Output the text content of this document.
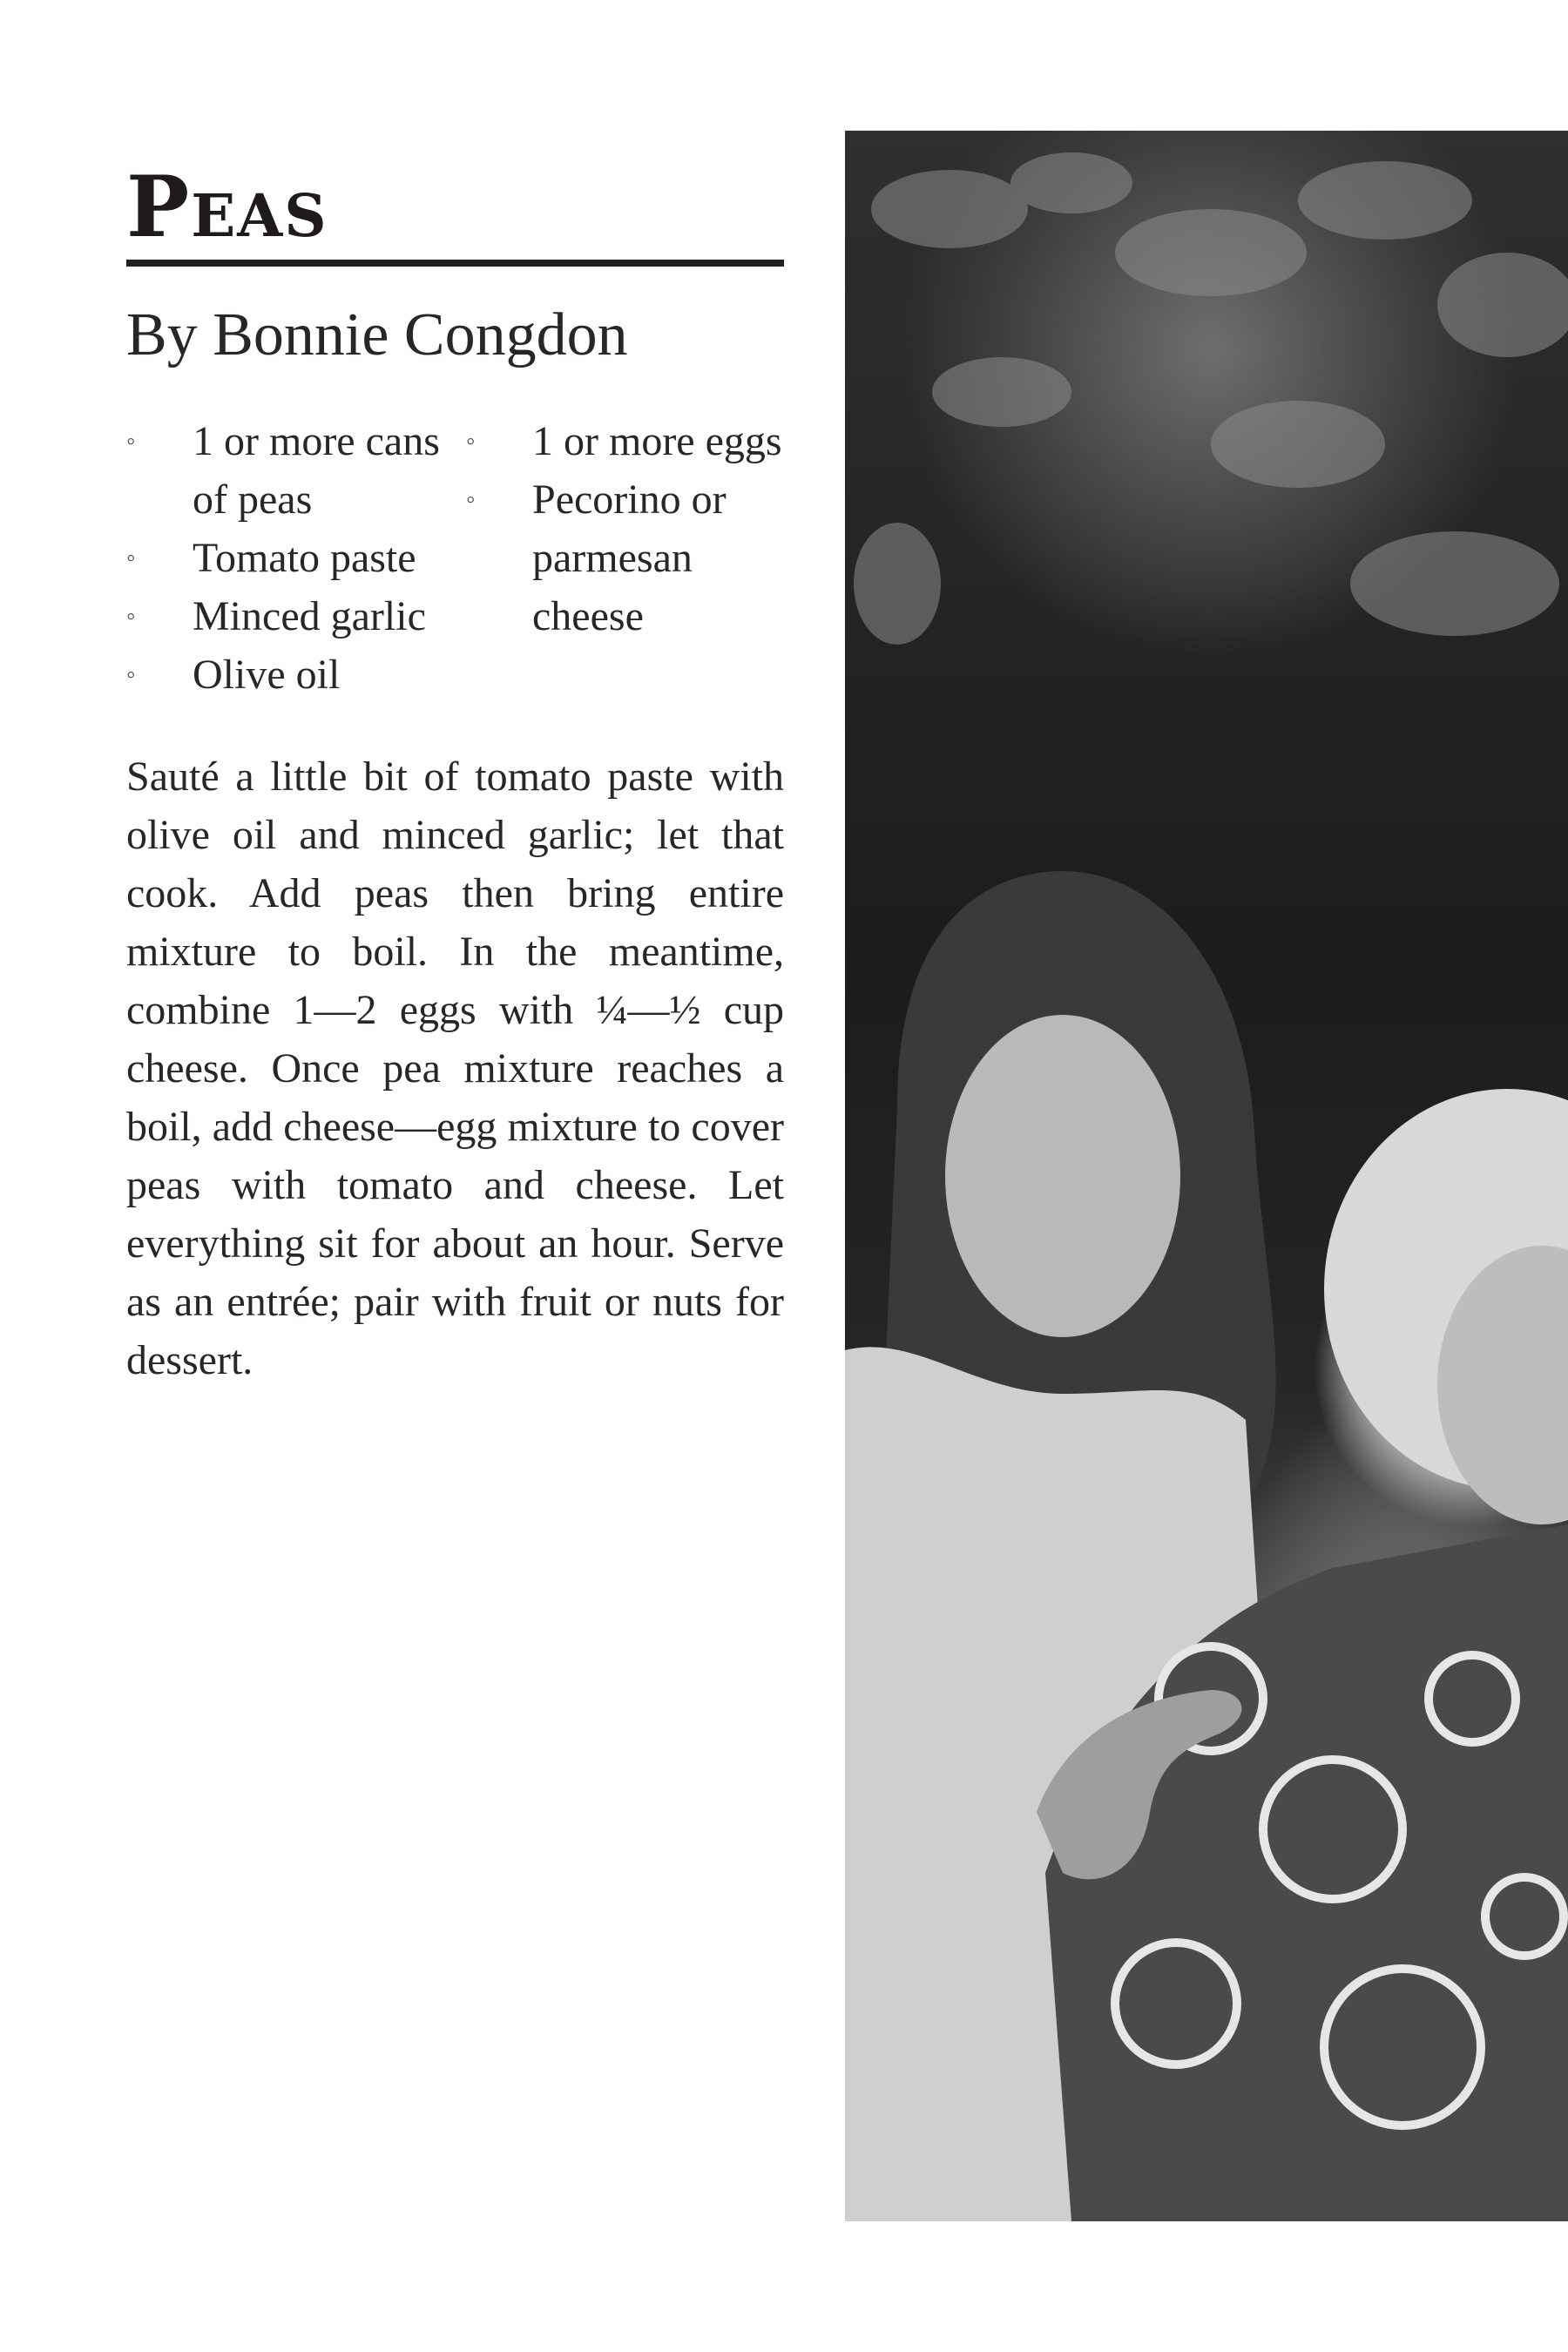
Peas
By Bonnie Congdon
◦	1 or more cans of peas
◦	Tomato paste
◦	Minced garlic
◦	Olive oil
◦	1 or more eggs
◦	Pecorino or parmesan cheese

Sauté a little bit of tomato paste with olive oil and minced garlic; let that cook. Add peas then bring entire mixture to boil. In the meantime, combine 1—2 eggs with ¼—½ cup cheese. Once pea mixture reaches a boil, add cheese—egg mixture to cover peas with tomato and cheese. Let everything sit for about an hour. Serve as an entrée; pair with fruit or nuts for dessert.
